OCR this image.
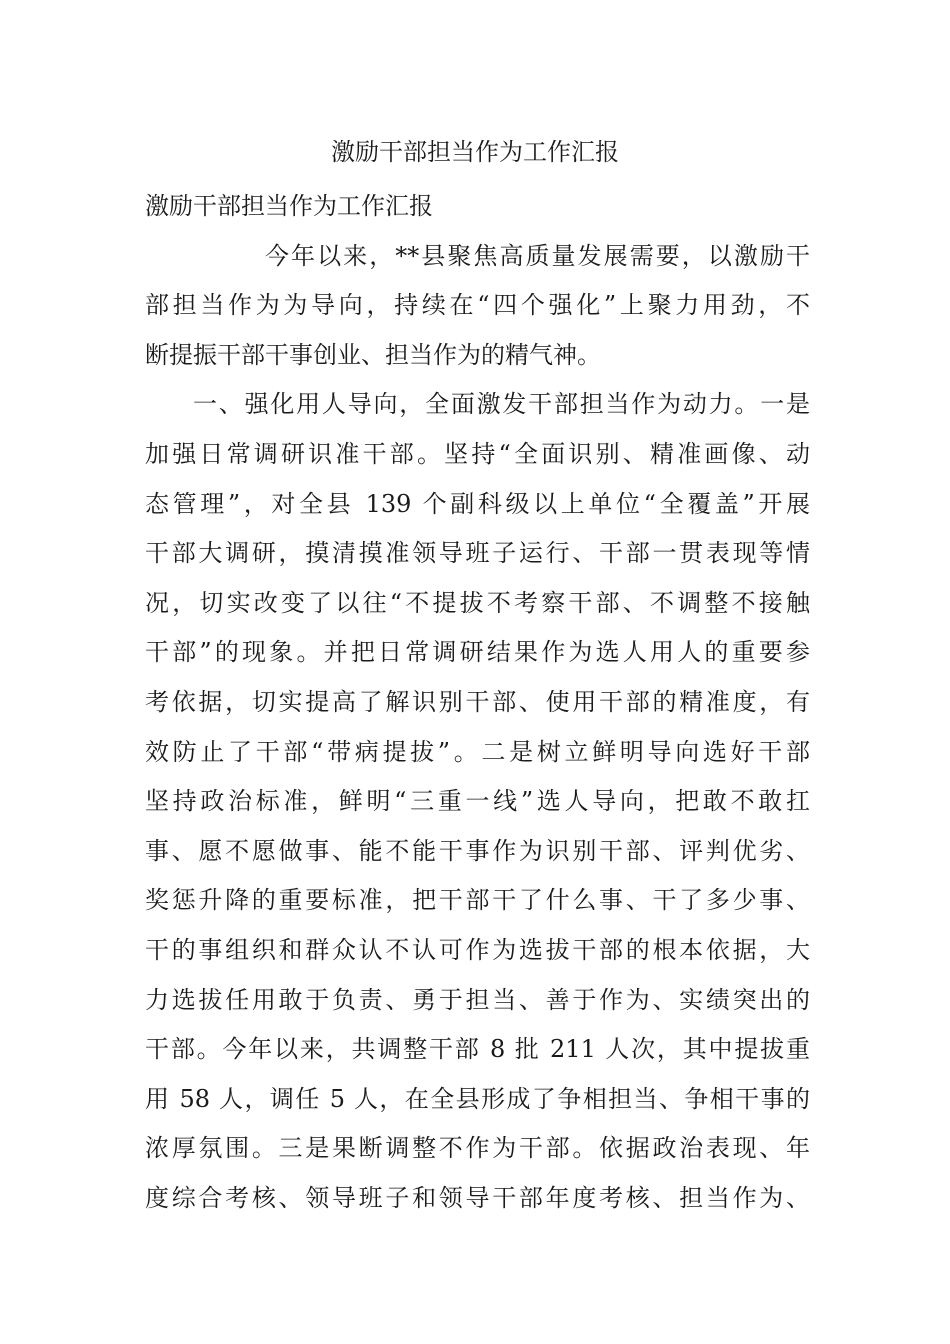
激励干部担当作为工作汇报
激励干部担当作为工作汇报
今年以来，**县聚焦高质量发展需要，以激励干
部担当作为为导向，持续在“四个强化”上聚力用劲，不
断提振干部干事创业、担当作为的精气神。
一、强化用人导向，全面激发干部担当作为动力。一是
加强日常调研识准干部。坚持“全面识别、精准画像、动
态管理”，对全县 139 个副科级以上单位“全覆盖”开展
干部大调研，摸清摸准领导班子运行、干部一贯表现等情
况，切实改变了以往“不提拔不考察干部、不调整不接触
干部”的现象。并把日常调研结果作为选人用人的重要参
考依据，切实提高了解识别干部、使用干部的精准度，有
效防止了干部“带病提拔”。二是树立鲜明导向选好干部
坚持政治标准，鲜明“三重一线”选人导向，把敢不敢扛
事、愿不愿做事、能不能干事作为识别干部、评判优劣、
奖惩升降的重要标准，把干部干了什么事、干了多少事、
干的事组织和群众认不认可作为选拔干部的根本依据，大
力选拔任用敢于负责、勇于担当、善于作为、实绩突出的
干部。今年以来，共调整干部 8 批 211 人次，其中提拔重
用 58 人，调任 5 人，在全县形成了争相担当、争相干事的
浓厚氛围。三是果断调整不作为干部。依据政治表现、年
度综合考核、领导班子和领导干部年度考核、担当作为、
